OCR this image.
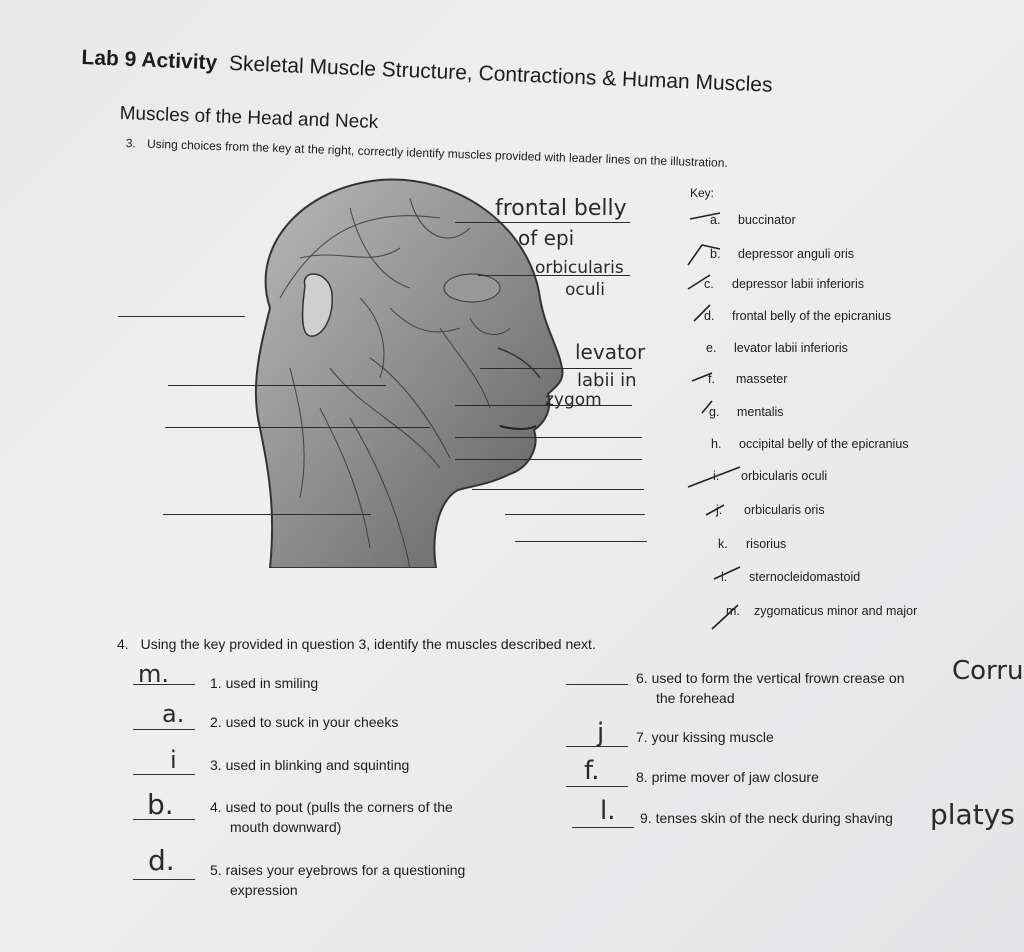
Lab 9 Activity Skeletal Muscle Structure, Contractions & Human Muscles
Muscles of the Head and Neck
3. Using choices from the key at the right, correctly identify muscles provided with leader lines on the illustration.
frontal belly
of epi
orbicularis
oculi
levator
labii in
zygom
Key:
a. buccinator
b. depressor anguli oris
c. depressor labii inferioris
d. frontal belly of the epicranius
e. levator labii inferioris
f. masseter
g. mentalis
h. occipital belly of the epicranius
i. orbicularis oculi
j. orbicularis oris
k. risorius
l. sternocleidomastoid
m. zygomaticus minor and major
4. Using the key provided in question 3, identify the muscles described next.
m.	1. used in smiling
a. 2. used to suck in your cheeks
i 3. used in blinking and squinting
b.	4. used to pout (pulls the corners of the
mouth downward)
d.	5. raises your eyebrows for a questioning
expression
6. used to form the vertical frown crease on
the forehead
j 7. your kissing muscle
f.	8. prime mover of jaw closure
l. 9. tenses skin of the neck during shaving
Corru
platys
